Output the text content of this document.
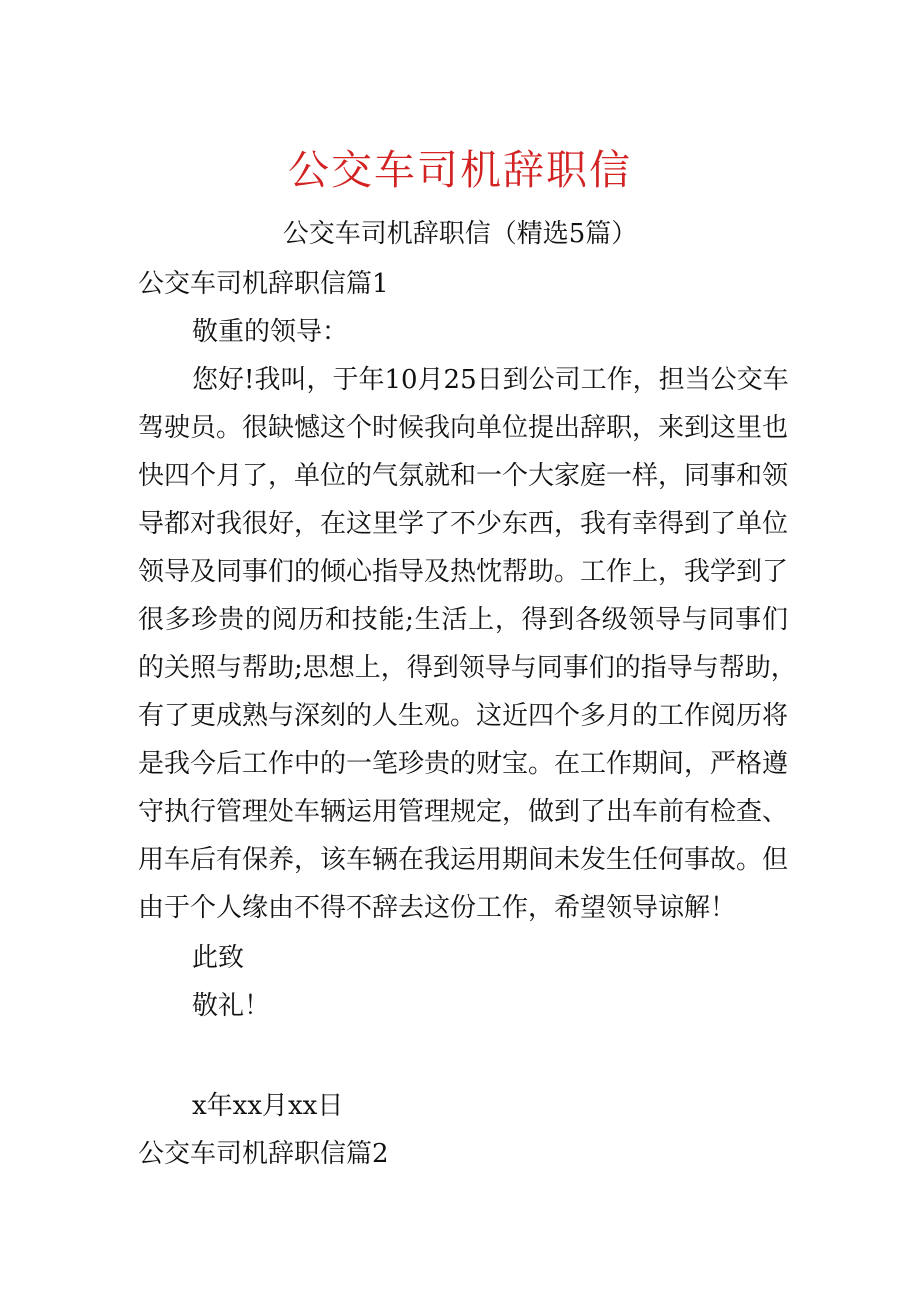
公交车司机辞职信
公交车司机辞职信（精选5篇）
公交车司机辞职信篇1
敬重的领导：
您好!我叫，于年10月25日到公司工作，担当公交车
驾驶员。很缺憾这个时候我向单位提出辞职，来到这里也
快四个月了，单位的气氛就和一个大家庭一样，同事和领
导都对我很好，在这里学了不少东西，我有幸得到了单位
领导及同事们的倾心指导及热忱帮助。工作上，我学到了
很多珍贵的阅历和技能;生活上，得到各级领导与同事们
的关照与帮助;思想上，得到领导与同事们的指导与帮助，
有了更成熟与深刻的人生观。这近四个多月的工作阅历将
是我今后工作中的一笔珍贵的财宝。在工作期间，严格遵
守执行管理处车辆运用管理规定，做到了出车前有检查、
用车后有保养，该车辆在我运用期间未发生任何事故。但
由于个人缘由不得不辞去这份工作，希望领导谅解！
此致
敬礼！
x年xx月xx日
公交车司机辞职信篇2
